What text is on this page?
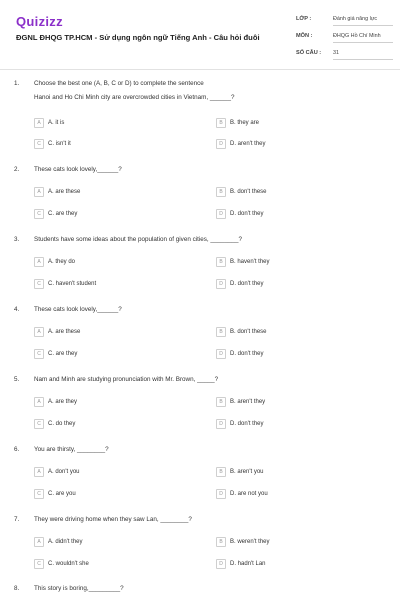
Quizizz
ĐGNL ĐHQG TP.HCM - Sử dụng ngôn ngữ Tiếng Anh - Câu hỏi đuôi
LỚP :	Đánh giá năng lực
MÔN :	ĐHQG Hồ Chí Minh
SỐ CÂU :	31
1. Choose the best one (A, B, C or D) to complete the sentence
Hanoi and Ho Chi Minh city are overcrowded cities in Vietnam, ______?
A	A. it is	B	B. they are
C	C. isn't it	D	D. aren't they
2. These cats look lovely,______?
A	A. are these	B	B. don't these
C	C. are they	D	D. don't they
3. Students have some ideas about the population of given cities, ________?
A	A. they do	B	B. haven't they
C	C. haven't student	D	D. don't they
4. These cats look lovely,______?
A	A. are these	B	B. don't these
C	C. are they	D	D. don't they
5. Nam and Minh are studying pronunciation with Mr. Brown, _____?
A	A. are they	B	B. aren't they
C	C. do they	D	D. don't they
6. You are thirsty, ________?
A	A. don't you	B	B. aren't you
C	C. are you	D	D. are not you
7. They were driving home when they saw Lan, ________?
A	A. didn't they	B	B. weren't they
C	C. wouldn't she	D	D. hadn't Lan
8. This story is boring,_________?
